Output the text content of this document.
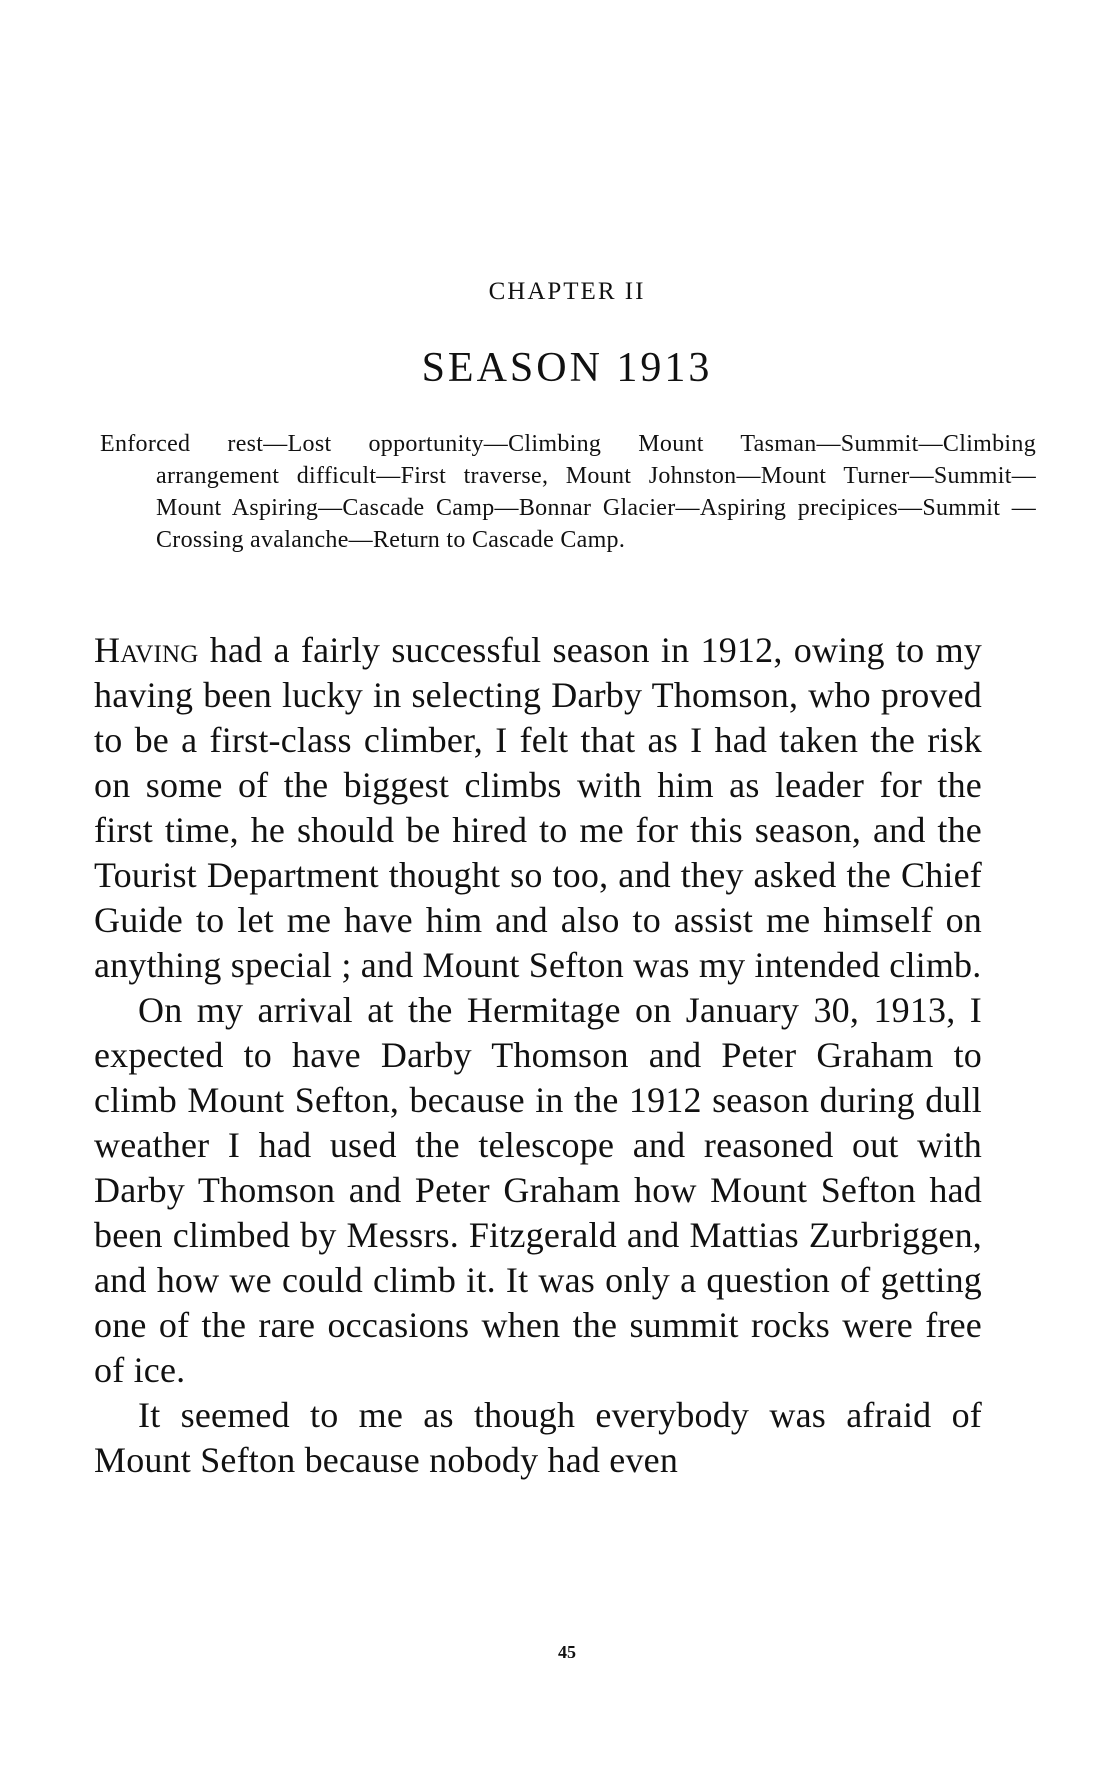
CHAPTER II
SEASON 1913
Enforced rest—Lost opportunity—Climbing Mount Tasman—Summit—Climbing arrangement difficult—First traverse, Mount Johnston—Mount Turner—Summit—Mount Aspiring—Cascade Camp—Bonnar Glacier—Aspiring precipices—Summit —Crossing avalanche—Return to Cascade Camp.

Having had a fairly successful season in 1912, owing to my having been lucky in selecting Darby Thomson, who proved to be a first-class climber, I felt that as I had taken the risk on some of the biggest climbs with him as leader for the first time, he should be hired to me for this season, and the Tourist Department thought so too, and they asked the Chief Guide to let me have him and also to assist me himself on anything special ; and Mount Sefton was my intended climb.

On my arrival at the Hermitage on January 30, 1913, I expected to have Darby Thomson and Peter Graham to climb Mount Sefton, because in the 1912 season during dull weather I had used the telescope and reasoned out with Darby Thomson and Peter Graham how Mount Sefton had been climbed by Messrs. Fitzgerald and Mattias Zurbriggen, and how we could climb it. It was only a question of getting one of the rare occasions when the summit rocks were free of ice.

It seemed to me as though everybody was afraid of Mount Sefton because nobody had even

45
